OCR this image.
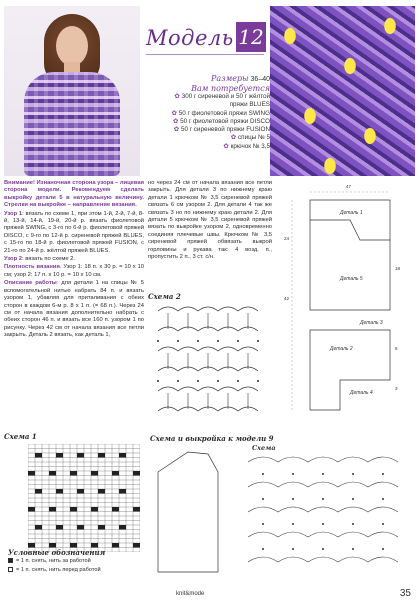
Модель 12
Размеры 36–40
Вам потребуется
✿ 300 г сиреневой и 50 г жёлтой пряжи BLUES
✿ 50 г фиолетовой пряжи SWING
✿ 50 г фиолетовой пряжи DISCO
✿ 50 г сиреневой пряжи FUSION
✿ спицы № 5
✿ крючок № 3,5

Внимание! Изнаночная сторона узора – лицевая сторона модели. Рекомендуем сделать выкройку детали 5 в натуральную величину. Стрелки на выкройке – направление вязания.

Узор 1: вязать по схеме 1, при этом 1-й, 2-й, 7-й, 8-й, 13-й, 14-й, 19-й, 20-й р. вязать фиолетовой пряжей SWING, с 3-го по 6-й р. фиолетовой пряжей DISCO, с 9-го по 12-й р. сиреневой пряжей BLUES, с 15-го по 18-й р. фиолетовой пряжей FUSION, с 21-го по 24-й р. жёлтой пряжей BLUES.

Узор 2: вязать по схеме 2.

Плотность вязания. Узор 1: 18 п. x 30 р. = 10 x 10 см; узор 2: 17 п. x 10 р. = 10 x 10 см.

Описание работы: для детали 1 на спицы № 5 вспомогательной нитью набрать 84 п. и вязать узором 1, убавляя для приталивания с обеих сторон в каждом 6-м р. 8 x 1 п. (= 68 п.). Через 24 см от начала вязания дополнительно набрать с обеих сторон 46 п. и вязать все 160 п. узором 1 по рисунку. Через 42 см от начала вязания все петли закрыть. Деталь 2 вязать, как деталь 1,

но через 24 см от начала вязания все петли закрыть. Для детали 3 по нижнему краю детали 1 крючком № 3,5 сиреневой пряжей связать 6 см узором 2. Для детали 4 так же связать 3 но по нижнему краю детали 2. Для детали 5 крючком № 3,5 сиреневой пряжей вязать по выкройке узором 2, одновременно соединяя плечевые швы. Крючком № 3,5 сиреневой пряжей обвязать выкрой горловины и рукава так: 4 возд. п., пропустить 2 п., 3 ст. с/н.

Схема 2
Деталь 1
Деталь 5
Деталь 2
Деталь 3
Деталь 4
24
42
18
6
3
47
Схема 1
Условные обозначения
= 1 п. снять, нить за работой
= 1 п. снять, нить перед работой
Схема и выкройка к модели 9
Схема
knit&mode	35
